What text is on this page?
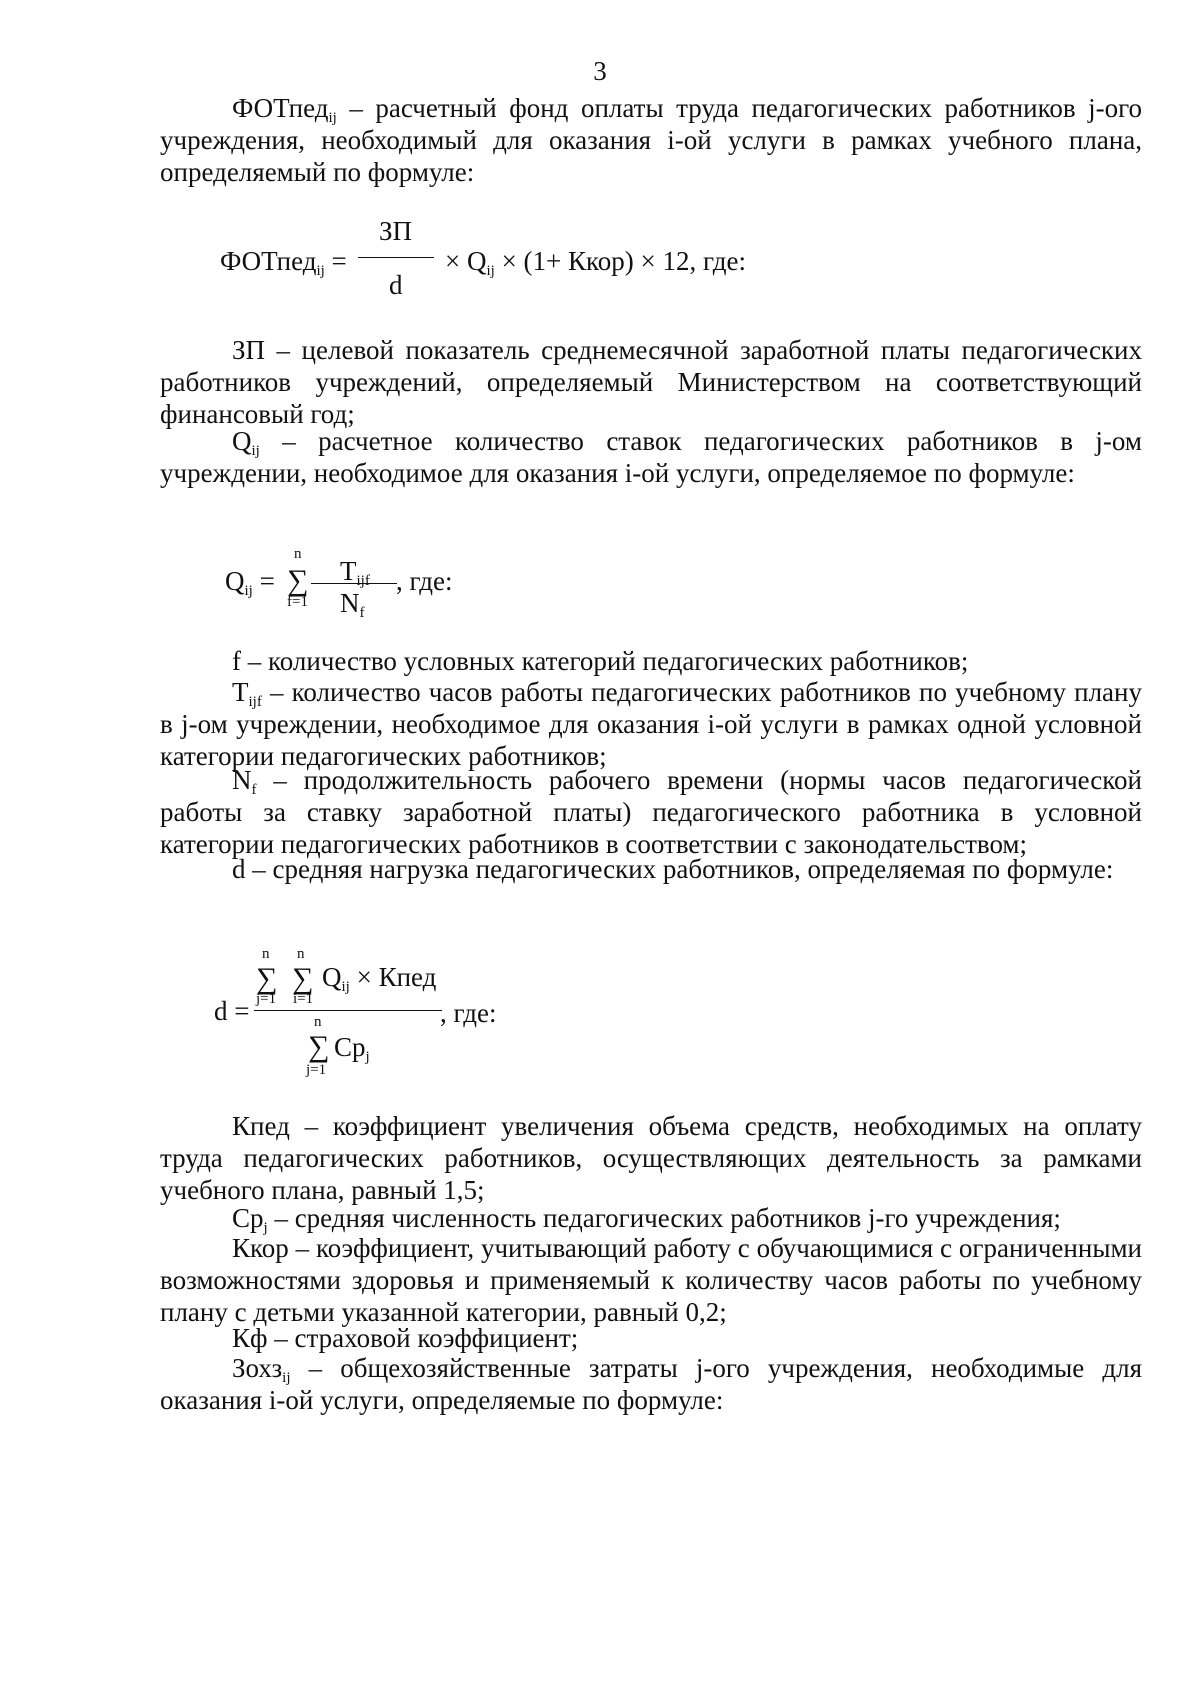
3

ФОТпед$_{ij}$ – расчетный фонд оплаты труда педагогических работников j-ого учреждения, необходимый для оказания i-ой услуги в рамках учебного плана, определяемый по формуле:

ФОТпед$_{ij}$ =
ЗП
d
× $Q_{ij} \times (1+$ Ккор) × 12, где:

ЗП – целевой показатель среднемесячной заработной платы педагогических работников учреждений, определяемый Министерством на соответствующий финансовый год;

$Q_{ij}$ – расчетное количество ставок педагогических работников в j-ом учреждении, необходимое для оказания i-ой услуги, определяемое по формуле:

$Q_{ij}$ =
n
∑
f=1
$T_{ijf}$
$N_f$
, где:

f – количество условных категорий педагогических работников;

$T_{ijf}$ – количество часов работы педагогических работников по учебному плану в j-ом учреждении, необходимое для оказания i-ой услуги в рамках одной условной категории педагогических работников;

$N_f$ – продолжительность рабочего времени (нормы часов педагогической работы за ставку заработной платы) педагогического работника в условной категории педагогических работников в соответствии с законодательством;

d – средняя нагрузка педагогических работников, определяемая по формуле:

d =
n n
∑ ∑
j=1 i=1
$Q_{ij}$ × Кпед
n
∑ $Cp_j$
j=1
, где:

Кпед – коэффициент увеличения объема средств, необходимых на оплату труда педагогических работников, осуществляющих деятельность за рамками учебного плана, равный 1,5;

$Cp_j$ – средняя численность педагогических работников j-го учреждения;

Ккор – коэффициент, учитывающий работу с обучающимися с ограниченными возможностями здоровья и применяемый к количеству часов работы по учебному плану с детьми указанной категории, равный 0,2;

Кф – страховой коэффициент;

Зохз$_{ij}$ – общехозяйственные затраты j-ого учреждения, необходимые для оказания i-ой услуги, определяемые по формуле:
